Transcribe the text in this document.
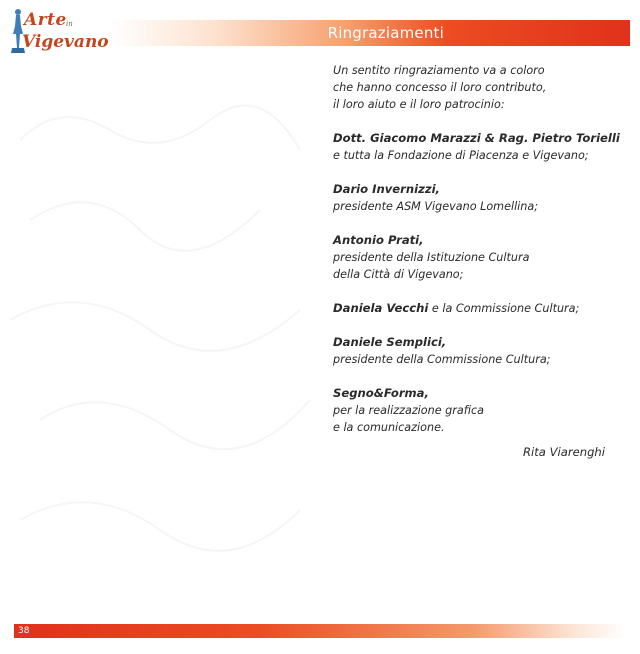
Arte in
Vigevano	Ringraziamenti
Un sentito ringraziamento va a coloro
che hanno concesso il loro contributo,
il loro aiuto e il loro patrocinio:
Dott. Giacomo Marazzi & Rag. Pietro Torielli
e tutta la Fondazione di Piacenza e Vigevano;
Dario Invernizzi,
presidente ASM Vigevano Lomellina;
Antonio Prati,
presidente della Istituzione Cultura
della Città di Vigevano;
Daniela Vecchi e la Commissione Cultura;
Daniele Semplici,
presidente della Commissione Cultura;
Segno&Forma,
per la realizzazione grafica
e la comunicazione.
Rita Viarenghi
38
